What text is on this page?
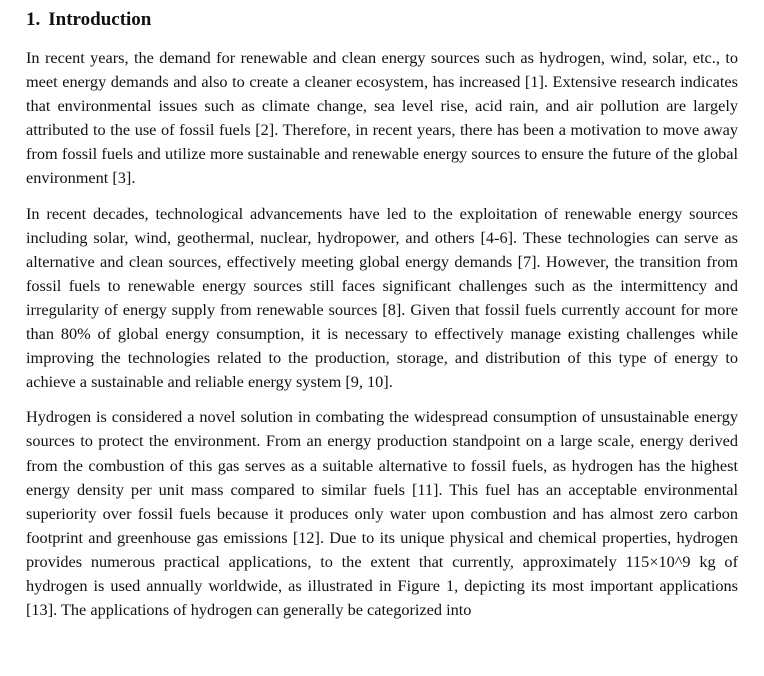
1. Introduction

In recent years, the demand for renewable and clean energy sources such as hydrogen, wind, solar, etc., to meet energy demands and also to create a cleaner ecosystem, has increased [1]. Extensive research indicates that environmental issues such as climate change, sea level rise, acid rain, and air pollution are largely attributed to the use of fossil fuels [2]. Therefore, in recent years, there has been a motivation to move away from fossil fuels and utilize more sustainable and renewable energy sources to ensure the future of the global environment [3].

In recent decades, technological advancements have led to the exploitation of renewable energy sources including solar, wind, geothermal, nuclear, hydropower, and others [4-6]. These technologies can serve as alternative and clean sources, effectively meeting global energy demands [7]. However, the transition from fossil fuels to renewable energy sources still faces significant challenges such as the intermittency and irregularity of energy supply from renewable sources [8]. Given that fossil fuels currently account for more than 80% of global energy consumption, it is necessary to effectively manage existing challenges while improving the technologies related to the production, storage, and distribution of this type of energy to achieve a sustainable and reliable energy system [9, 10].

Hydrogen is considered a novel solution in combating the widespread consumption of unsustainable energy sources to protect the environment. From an energy production standpoint on a large scale, energy derived from the combustion of this gas serves as a suitable alternative to fossil fuels, as hydrogen has the highest energy density per unit mass compared to similar fuels [11]. This fuel has an acceptable environmental superiority over fossil fuels because it produces only water upon combustion and has almost zero carbon footprint and greenhouse gas emissions [12]. Due to its unique physical and chemical properties, hydrogen provides numerous practical applications, to the extent that currently, approximately 115×10^9 kg of hydrogen is used annually worldwide, as illustrated in Figure 1, depicting its most important applications [13]. The applications of hydrogen can generally be categorized into
